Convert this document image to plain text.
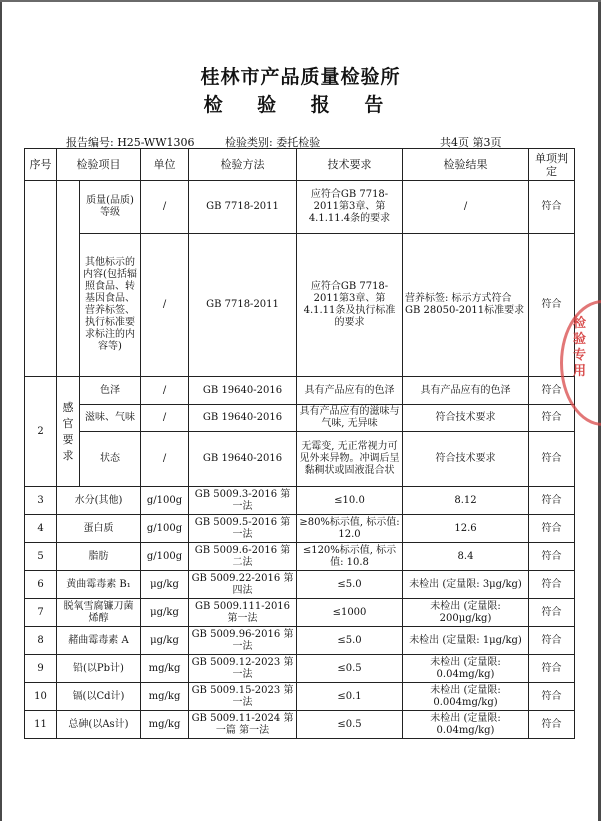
桂林市产品质量检验所
检 验 报 告
报告编号: H25-WW1306	检验类别: 委托检验	共4页 第3页
序号	检验项目		单位	检验方法	技术要求	检验结果	单项判定
		质量(品质)等级	/	GB 7718-2011	应符合GB 7718-2011第3章、第4.1.11.4条的要求	/	符合
		其他标示的内容(包括辐照食品、转基因食品、营养标签、执行标准要求标注的内容等)	/	GB 7718-2011	应符合GB 7718-2011第3章、第4.1.11条及执行标准的要求	营养标签: 标示方式符合GB 28050-2011标准要求	符合
2	感官要求	色泽	/	GB 19640-2016	具有产品应有的色泽	具有产品应有的色泽	符合
		滋味、气味	/	GB 19640-2016	具有产品应有的滋味与气味, 无异味	符合技术要求	符合
		状态	/	GB 19640-2016	无霉变, 无正常视力可见外来异物。冲调后呈黏稠状或固液混合状	符合技术要求	符合
3	水分(其他)		g/100g	GB 5009.3-2016 第一法	≤10.0	8.12	符合
4	蛋白质		g/100g	GB 5009.5-2016 第一法	≥80%标示值, 标示值: 12.0	12.6	符合
5	脂肪		g/100g	GB 5009.6-2016 第二法	≤120%标示值, 标示值: 10.8	8.4	符合
6	黄曲霉毒素 B₁		μg/kg	GB 5009.22-2016 第四法	≤5.0	未检出 (定量限: 3μg/kg)	符合
7	脱氧雪腐镰刀菌烯醇		μg/kg	GB 5009.111-2016 第一法	≤1000	未检出 (定量限: 200μg/kg)	符合
8	赭曲霉毒素 A		μg/kg	GB 5009.96-2016 第一法	≤5.0	未检出 (定量限: 1μg/kg)	符合
9	铅(以Pb计)		mg/kg	GB 5009.12-2023 第一法	≤0.5	未检出 (定量限: 0.04mg/kg)	符合
10	镉(以Cd计)		mg/kg	GB 5009.15-2023 第一法	≤0.1	未检出 (定量限: 0.004mg/kg)	符合
11	总砷(以As计)		mg/kg	GB 5009.11-2024 第一篇 第一法	≤0.5	未检出 (定量限: 0.04mg/kg)	符合
检验专用
